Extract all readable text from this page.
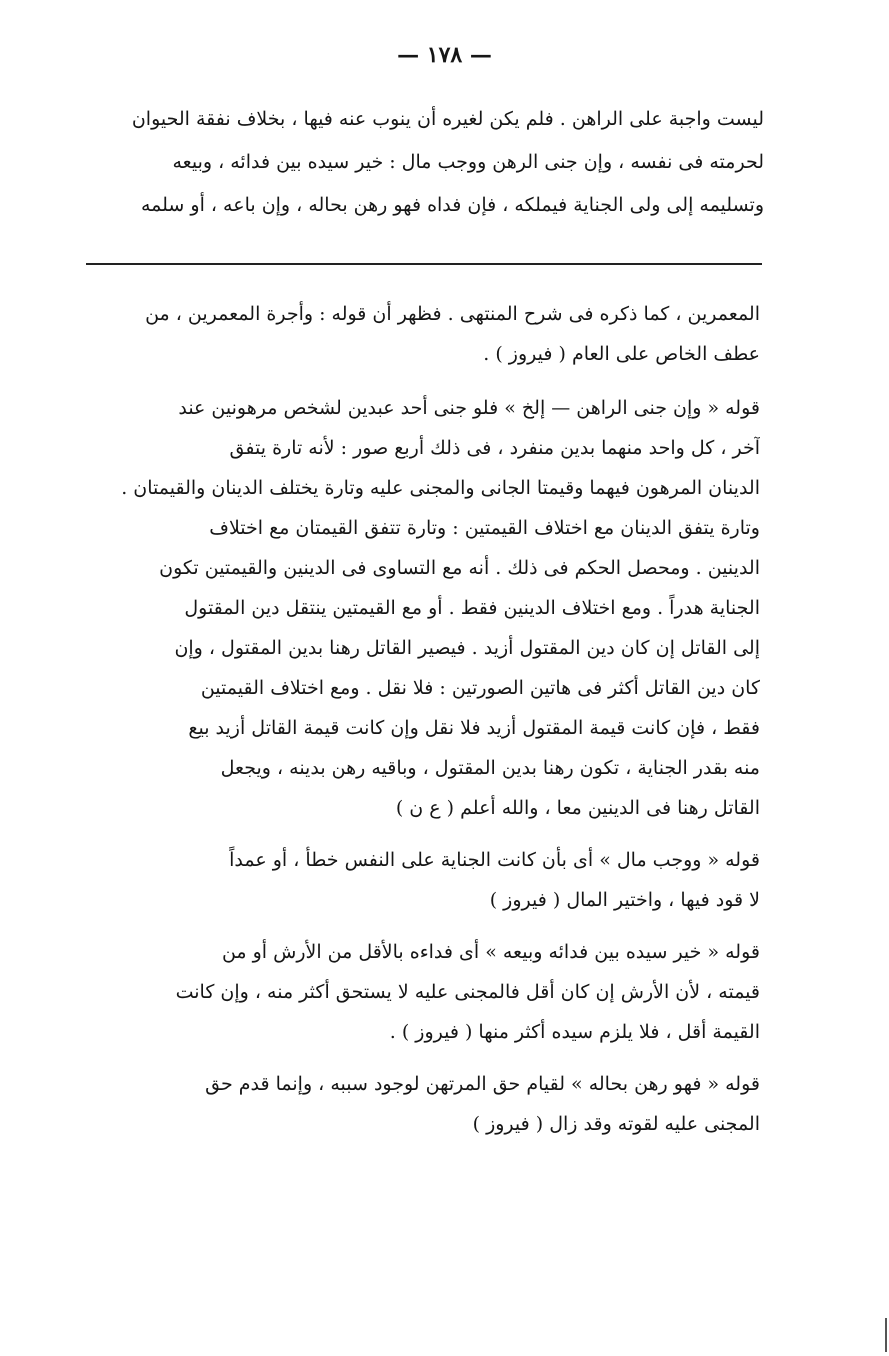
— ١٧٨ —
ليست واجبة على الراهن . فلم يكن لغيره أن ينوب عنه فيها ، بخلاف نفقة الحيوان
لحرمته فى نفسه ، وإن جنى الرهن ووجب مال : خير سيده بين فدائه ، وبيعه
وتسليمه إلى ولى الجناية فيملكه ، فإن فداه فهو رهن بحاله ، وإن باعه ، أو سلمه
المعمرين ، كما ذكره فى شرح المنتهى . فظهر أن قوله : وأجرة المعمرين ، من
عطف الخاص على العام ( فيروز ) .
قوله « وإن جنى الراهن — إلخ » فلو جنى أحد عبدين لشخص مرهونين عند
آخر ، كل واحد منهما بدين منفرد ، فى ذلك أربع صور : لأنه تارة يتفق
الدينان المرهون فيهما وقيمتا الجانى والمجنى عليه وتارة يختلف الدينان والقيمتان .
وتارة يتفق الدينان مع اختلاف القيمتين : وتارة تتفق القيمتان مع اختلاف
الدينين . ومحصل الحكم فى ذلك . أنه مع التساوى فى الدينين والقيمتين تكون
الجناية هدراً . ومع اختلاف الدينين فقط . أو مع القيمتين ينتقل دين المقتول
إلى القاتل إن كان دين المقتول أزيد . فيصير القاتل رهنا بدين المقتول ، وإن
كان دين القاتل أكثر فى هاتين الصورتين : فلا نقل . ومع اختلاف القيمتين
فقط ، فإن كانت قيمة المقتول أزيد فلا نقل وإن كانت قيمة القاتل أزيد بيع
منه بقدر الجناية ، تكون رهنا بدين المقتول ، وباقيه رهن بدينه ، ويجعل
القاتل رهنا فى الدينين معا ، والله أعلم ( ع ن )
قوله « ووجب مال » أى بأن كانت الجناية على النفس خطأ ، أو عمداً
لا قود فيها ، واختير المال ( فيروز )
قوله « خير سيده بين فدائه وبيعه » أى فداءه بالأقل من الأرش أو من
قيمته ، لأن الأرش إن كان أقل فالمجنى عليه لا يستحق أكثر منه ، وإن كانت
القيمة أقل ، فلا يلزم سيده أكثر منها ( فيروز ) .
قوله « فهو رهن بحاله » لقيام حق المرتهن لوجود سببه ، وإنما قدم حق
المجنى عليه لقوته وقد زال ( فيروز )
